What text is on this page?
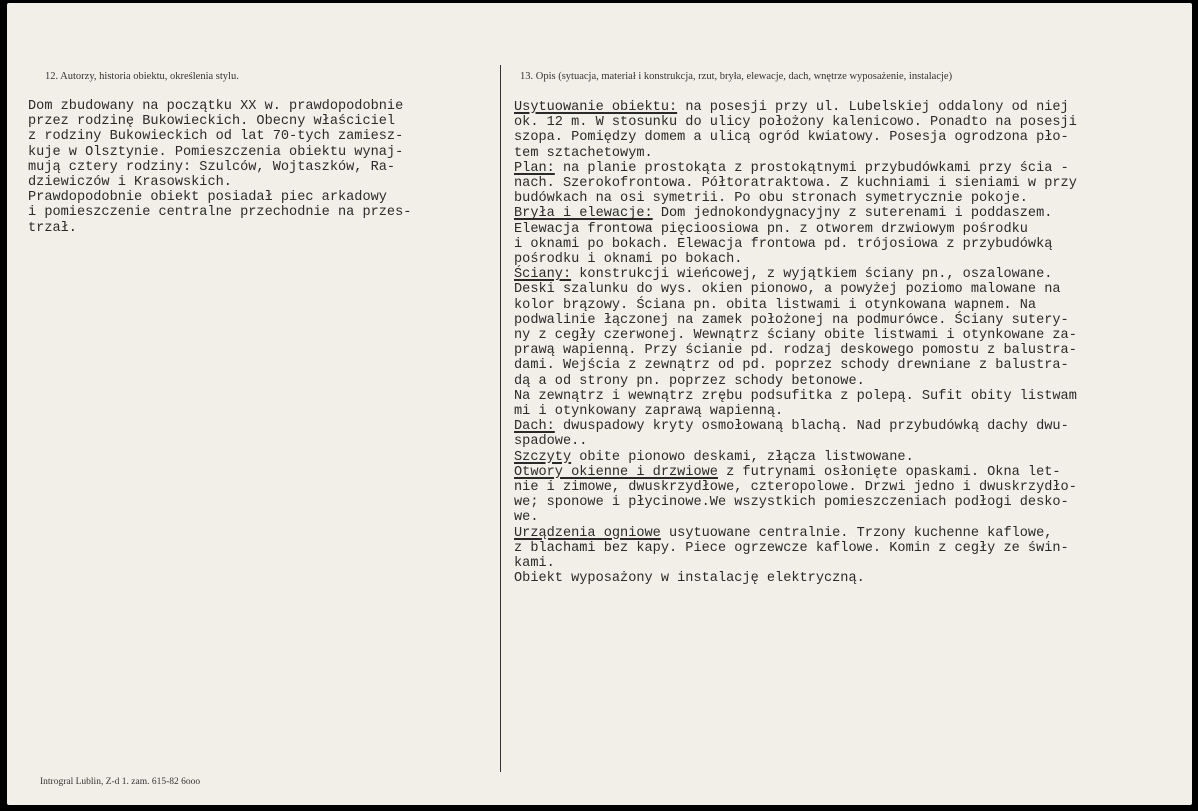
12. Autorzy, historia obiektu, określenia stylu.	13. Opis (sytuacja, materiał i konstrukcja, rzut, bryła, elewacje, dach, wnętrze wyposażenie, instalacje)
Dom zbudowany na początku XX w. prawdopodobnie
przez rodzinę Bukowieckich. Obecny właściciel
z rodziny Bukowieckich od lat 70-tych zamiesz-
kuje w Olsztynie. Pomieszczenia obiektu wynaj-
mują cztery rodziny: Szulców, Wojtaszków, Ra-
dziewiczów i Krasowskich.
Prawdopodobnie obiekt posiadał piec arkadowy
i pomieszczenie centralne przechodnie na przes-
trzał.
Usytuowanie obiektu: na posesji przy ul. Lubelskiej oddalony od niej
ok. 12 m. W stosunku do ulicy położony kalenicowo. Ponadto na posesji
szopa. Pomiędzy domem a ulicą ogród kwiatowy. Posesja ogrodzona pło-
tem sztachetowym.
Plan: na planie prostokąta z prostokątnymi przybudówkami przy ścia -
nach. Szerokofrontowa. Półtoratraktowa. Z kuchniami i sieniami w przy
budówkach na osi symetrii. Po obu stronach symetrycznie pokoje.
Bryła i elewacje: Dom jednokondygnacyjny z suterenami i poddaszem.
Elewacja frontowa pięcioosiowa pn. z otworem drzwiowym pośrodku
i oknami po bokach. Elewacja frontowa pd. trójosiowa z przybudówką
pośrodku i oknami po bokach.
Ściany: konstrukcji wieńcowej, z wyjątkiem ściany pn., oszalowane.
Deski szalunku do wys. okien pionowo, a powyżej poziomo malowane na
kolor brązowy. Ściana pn. obita listwami i otynkowana wapnem. Na
podwalinie łączonej na zamek położonej na podmurówce. Ściany sutery-
ny z cegły czerwonej. Wewnątrz ściany obite listwami i otynkowane za-
prawą wapienną. Przy ścianie pd. rodzaj deskowego pomostu z balustra-
dami. Wejścia z zewnątrz od pd. poprzez schody drewniane z balustra-
dą a od strony pn. poprzez schody betonowe.
Na zewnątrz i wewnątrz zrębu podsufitka z polepą. Sufit obity listwam
mi i otynkowany zaprawą wapienną.
Dach: dwuspadowy kryty osmołowaną blachą. Nad przybudówką dachy dwu-
spadowe..
Szczyty obite pionowo deskami, złącza listwowane.
Otwory okienne i drzwiowe z futrynami osłonięte opaskami. Okna let-
nie i zimowe, dwuskrzydłowe, czteropolowe. Drzwi jedno i dwuskrzydło-
we; sponowe i płycinowe.We wszystkich pomieszczeniach podłogi desko-
we.
Urządzenia ogniowe usytuowane centralnie. Trzony kuchenne kaflowe,
z blachami bez kapy. Piece ogrzewcze kaflowe. Komin z cegły ze świn-
kami.
Obiekt wyposażony w instalację elektryczną.
Introgral Lublin, Z-d 1. zam. 615-82 6ooo
